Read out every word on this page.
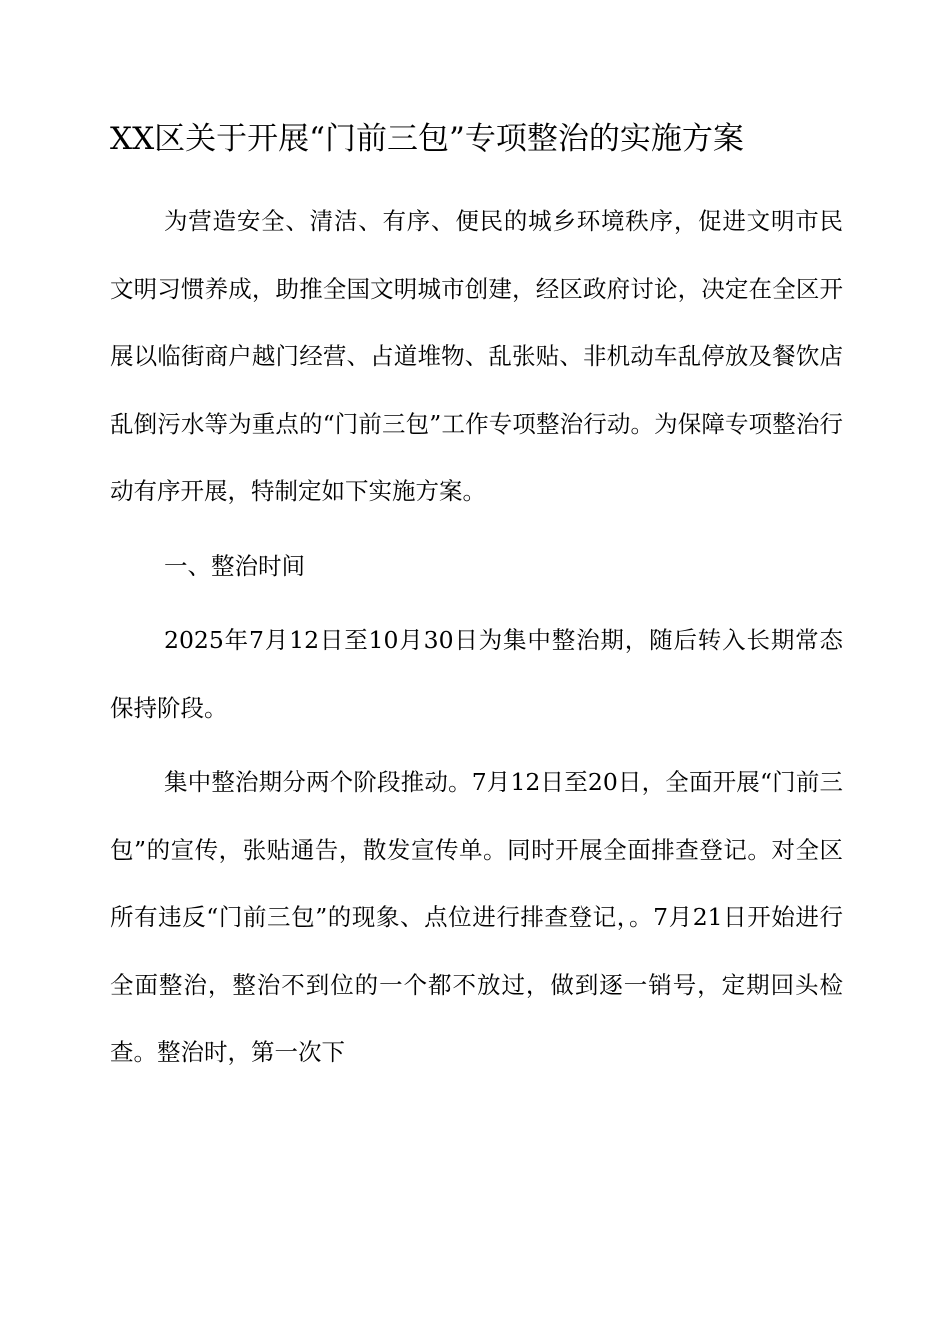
XX区关于开展“门前三包”专项整治的实施方案

为营造安全、清洁、有序、便民的城乡环境秩序，促进文明市民文明习惯养成，助推全国文明城市创建，经区政府讨论，决定在全区开展以临街商户越门经营、占道堆物、乱张贴、非机动车乱停放及餐饮店乱倒污水等为重点的“门前三包”工作专项整治行动。为保障专项整治行动有序开展，特制定如下实施方案。

一、整治时间

2025年7月12日至10月30日为集中整治期，随后转入长期常态保持阶段。

集中整治期分两个阶段推动。7月12日至20日，全面开展“门前三包”的宣传，张贴通告，散发宣传单。同时开展全面排查登记。对全区所有违反“门前三包”的现象、点位进行排查登记，。7月21日开始进行全面整治，整治不到位的一个都不放过，做到逐一销号，定期回头检查。整治时，第一次下
